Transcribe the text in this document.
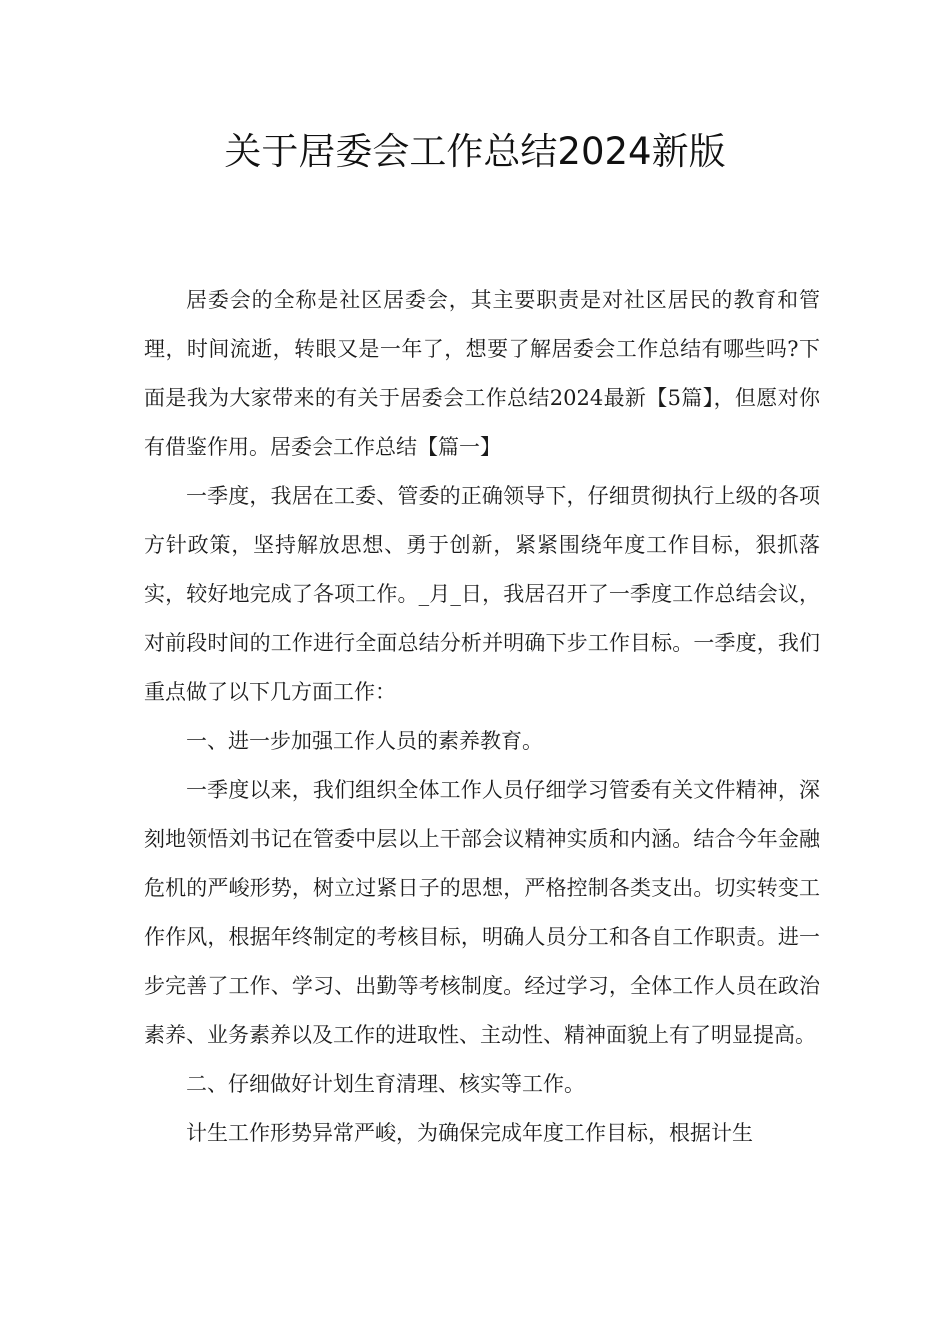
关于居委会工作总结2024新版

居委会的全称是社区居委会，其主要职责是对社区居民的教育和管理，时间流逝，转眼又是一年了，想要了解居委会工作总结有哪些吗?下面是我为大家带来的有关于居委会工作总结2024最新【5篇】，但愿对你有借鉴作用。居委会工作总结【篇一】

一季度，我居在工委、管委的正确领导下，仔细贯彻执行上级的各项方针政策，坚持解放思想、勇于创新，紧紧围绕年度工作目标，狠抓落实，较好地完成了各项工作。_月_日，我居召开了一季度工作总结会议，对前段时间的工作进行全面总结分析并明确下步工作目标。一季度，我们重点做了以下几方面工作：

一、进一步加强工作人员的素养教育。

一季度以来，我们组织全体工作人员仔细学习管委有关文件精神，深刻地领悟刘书记在管委中层以上干部会议精神实质和内涵。结合今年金融危机的严峻形势，树立过紧日子的思想，严格控制各类支出。切实转变工作作风，根据年终制定的考核目标，明确人员分工和各自工作职责。进一步完善了工作、学习、出勤等考核制度。经过学习，全体工作人员在政治素养、业务素养以及工作的进取性、主动性、精神面貌上有了明显提高。

二、仔细做好计划生育清理、核实等工作。

计生工作形势异常严峻，为确保完成年度工作目标，根据计生
